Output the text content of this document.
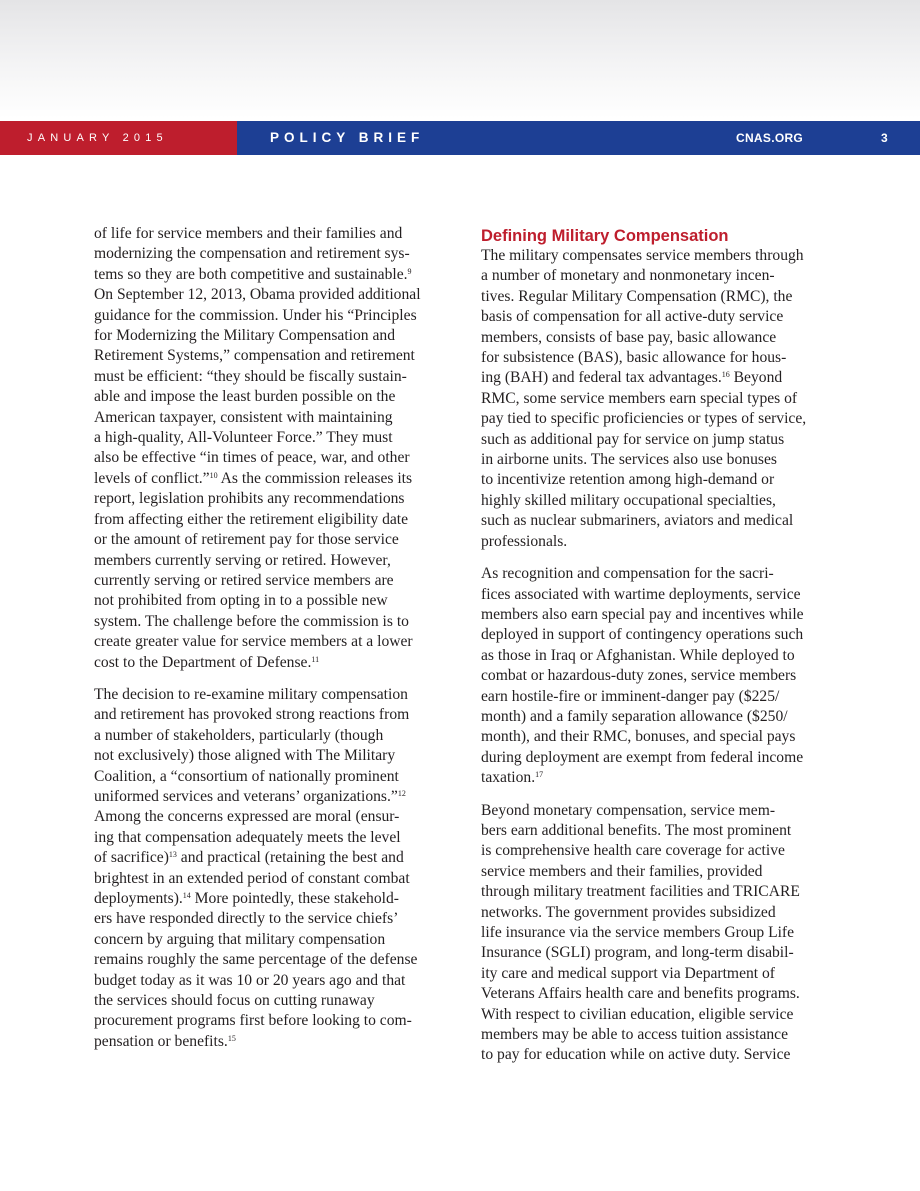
JANUARY 2015	POLICY BRIEF	CNAS.ORG	3

of life for service members and their families and
modernizing the compensation and retirement sys-
tems so they are both competitive and sustainable.$^9$
On September 12, 2013, Obama provided additional
guidance for the commission. Under his “Principles
for Modernizing the Military Compensation and
Retirement Systems,” compensation and retirement
must be efficient: “they should be fiscally sustain-
able and impose the least burden possible on the
American taxpayer, consistent with maintaining
a high-quality, All-Volunteer Force.” They must
also be effective “in times of peace, war, and other
levels of conflict.”$^{10}$ As the commission releases its
report, legislation prohibits any recommendations
from affecting either the retirement eligibility date
or the amount of retirement pay for those service
members currently serving or retired. However,
currently serving or retired service members are
not prohibited from opting in to a possible new
system. The challenge before the commission is to
create greater value for service members at a lower
cost to the Department of Defense.$^{11}$

The decision to re-examine military compensation
and retirement has provoked strong reactions from
a number of stakeholders, particularly (though
not exclusively) those aligned with The Military
Coalition, a “consortium of nationally prominent
uniformed services and veterans’ organizations.”$^{12}$
Among the concerns expressed are moral (ensur-
ing that compensation adequately meets the level
of sacrifice)$^{13}$ and practical (retaining the best and
brightest in an extended period of constant combat
deployments).$^{14}$ More pointedly, these stakehold-
ers have responded directly to the service chiefs’
concern by arguing that military compensation
remains roughly the same percentage of the defense
budget today as it was 10 or 20 years ago and that
the services should focus on cutting runaway
procurement programs first before looking to com-
pensation or benefits.$^{15}$

Defining Military Compensation

The military compensates service members through
a number of monetary and nonmonetary incen-
tives. Regular Military Compensation (RMC), the
basis of compensation for all active-duty service
members, consists of base pay, basic allowance
for subsistence (BAS), basic allowance for hous-
ing (BAH) and federal tax advantages.$^{16}$ Beyond
RMC, some service members earn special types of
pay tied to specific proficiencies or types of service,
such as additional pay for service on jump status
in airborne units. The services also use bonuses
to incentivize retention among high-demand or
highly skilled military occupational specialties,
such as nuclear submariners, aviators and medical
professionals.

As recognition and compensation for the sacri-
fices associated with wartime deployments, service
members also earn special pay and incentives while
deployed in support of contingency operations such
as those in Iraq or Afghanistan. While deployed to
combat or hazardous-duty zones, service members
earn hostile-fire or imminent-danger pay ($225/
month) and a family separation allowance ($250/
month), and their RMC, bonuses, and special pays
during deployment are exempt from federal income
taxation.$^{17}$

Beyond monetary compensation, service mem-
bers earn additional benefits. The most prominent
is comprehensive health care coverage for active
service members and their families, provided
through military treatment facilities and TRICARE
networks. The government provides subsidized
life insurance via the service members Group Life
Insurance (SGLI) program, and long-term disabil-
ity care and medical support via Department of
Veterans Affairs health care and benefits programs.
With respect to civilian education, eligible service
members may be able to access tuition assistance
to pay for education while on active duty. Service
